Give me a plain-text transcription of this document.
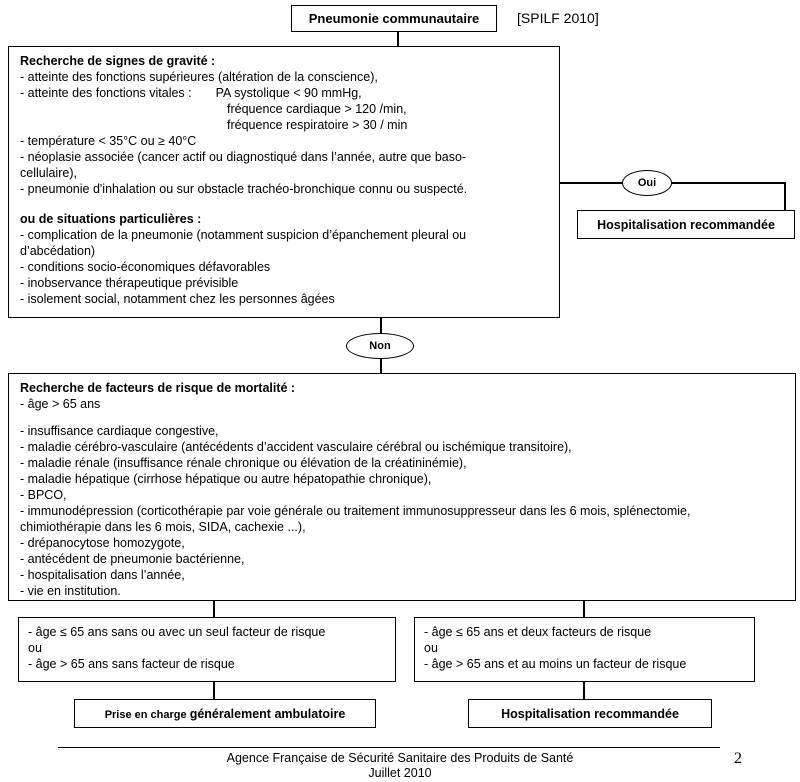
Pneumonie communautaire	[SPILF 2010]
Recherche de signes de gravité :
- atteinte des fonctions supérieures (altération de la conscience),
- atteinte des fonctions vitales : PA systolique < 90 mmHg,
fréquence cardiaque > 120 /min,
fréquence respiratoire > 30 / min
- température < 35°C ou ≥ 40°C
- néoplasie associée (cancer actif ou diagnostiqué dans l’année, autre que baso-
cellulaire),
- pneumonie d'inhalation ou sur obstacle trachéo-bronchique connu ou suspecté.
ou de situations particulières :
- complication de la pneumonie (notamment suspicion d’épanchement pleural ou
d’abcédation)
- conditions socio-économiques défavorables
- inobservance thérapeutique prévisible
- isolement social, notamment chez les personnes âgées
Oui
Hospitalisation recommandée
Non
Recherche de facteurs de risque de mortalité :
- âge > 65 ans
- insuffisance cardiaque congestive,
- maladie cérébro-vasculaire (antécédents d’accident vasculaire cérébral ou ischémique transitoire),
- maladie rénale (insuffisance rénale chronique ou élévation de la créatininémie),
- maladie hépatique (cirrhose hépatique ou autre hépatopathie chronique),
- BPCO,
- immunodépression (corticothérapie par voie générale ou traitement immunosuppresseur dans les 6 mois, splénectomie,
chimiothérapie dans les 6 mois, SIDA, cachexie ...),
- drépanocytose homozygote,
- antécédent de pneumonie bactérienne,
- hospitalisation dans l’année,
- vie en institution.
- âge ≤ 65 ans sans ou avec un seul facteur de risque
ou
- âge > 65 ans sans facteur de risque
- âge ≤ 65 ans et deux facteurs de risque
ou
- âge > 65 ans et au moins un facteur de risque
Prise en charge généralement ambulatoire	Hospitalisation recommandée
Agence Française de Sécurité Sanitaire des Produits de Santé
Juillet 2010
2
